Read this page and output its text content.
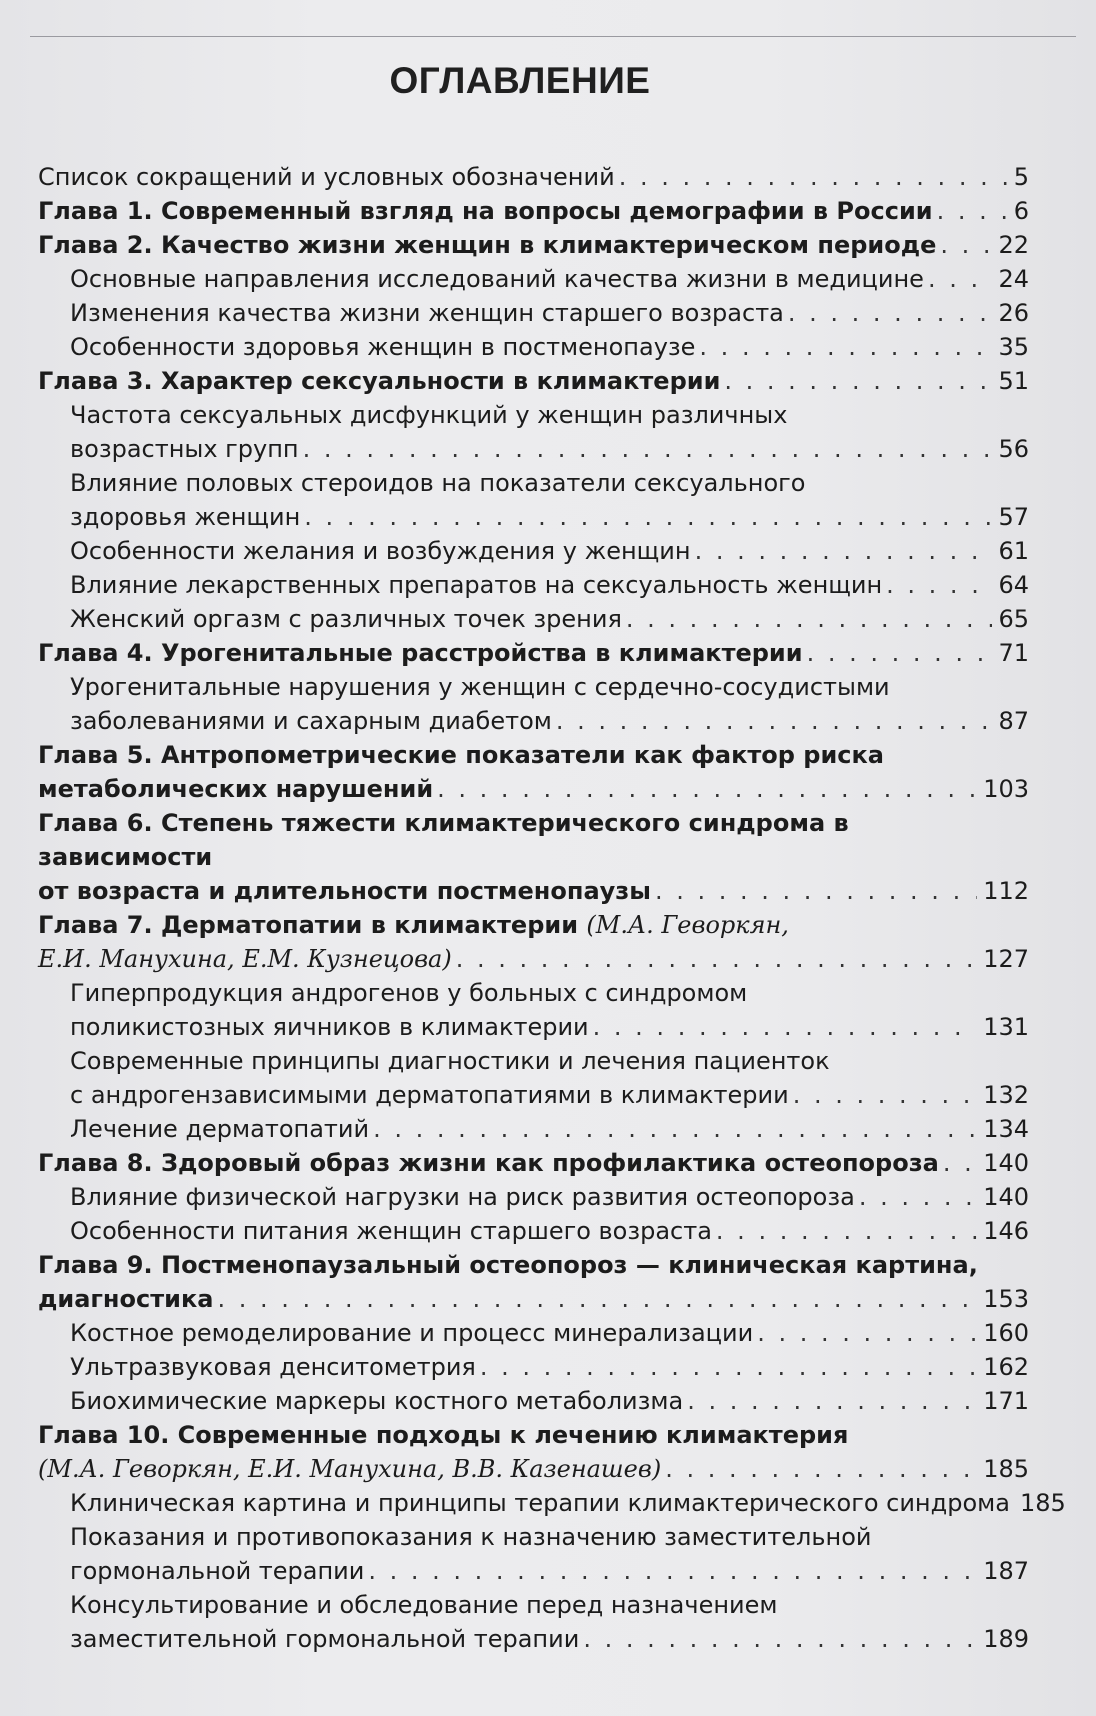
ОГЛАВЛЕНИЕ
Список сокращений и условных обозначений . . .	5
Глава 1. Современный взгляд на вопросы демографии в России . . .	6
Глава 2. Качество жизни женщин в климактерическом периоде . . .	22
Основные направления исследований качества жизни в медицине . . .	24
Изменения качества жизни женщин старшего возраста . . .	26
Особенности здоровья женщин в постменопаузе . . .	35
Глава 3. Характер сексуальности в климактерии . . .	51
Частота сексуальных дисфункций у женщин различных
возрастных групп . . .	56
Влияние половых стероидов на показатели сексуального
здоровья женщин . . .	57
Особенности желания и возбуждения у женщин . . .	61
Влияние лекарственных препаратов на сексуальность женщин . . .	64
Женский оргазм с различных точек зрения . . .	65
Глава 4. Урогенитальные расстройства в климактерии . . .	71
Урогенитальные нарушения у женщин с сердечно-сосудистыми
заболеваниями и сахарным диабетом . . .	87
Глава 5. Антропометрические показатели как фактор риска
метаболических нарушений . . .	103
Глава 6. Степень тяжести климактерического синдрома в зависимости
от возраста и длительности постменопаузы . . .	112
Глава 7. Дерматопатии в климактерии (М.А. Геворкян,
Е.И. Манухина, Е.М. Кузнецова) . . .	127
Гиперпродукция андрогенов у больных с синдромом
поликистозных яичников в климактерии . . .	131
Современные принципы диагностики и лечения пациенток
с андрогензависимыми дерматопатиями в климактерии . . .	132
Лечение дерматопатий . . .	134
Глава 8. Здоровый образ жизни как профилактика остеопороза . . . 140
Влияние физической нагрузки на риск развития остеопороза . . .	140
Особенности питания женщин старшего возраста . . .	146
Глава 9. Постменопаузальный остеопороз — клиническая картина,
диагностика . . .	153
Костное ремоделирование и процесс минерализации . . .	160
Ультразвуковая денситометрия . . .	162
Биохимические маркеры костного метаболизма . . .	171
Глава 10. Современные подходы к лечению климактерия
(М.А. Геворкян, Е.И. Манухина, В.В. Казенашев) . . .	185
Клиническая картина и принципы терапии климактерического синдрома 185
Показания и противопоказания к назначению заместительной
гормональной терапии . . .	187
Консультирование и обследование перед назначением
заместительной гормональной терапии . . .	189
